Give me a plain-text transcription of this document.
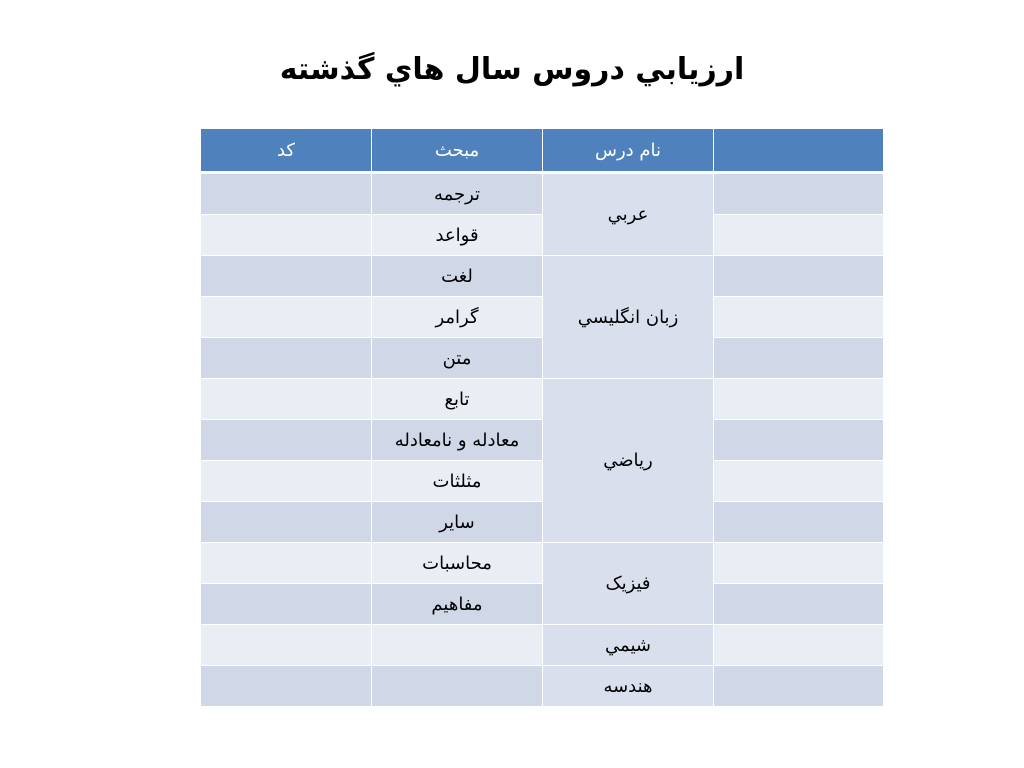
ارزيابي دروس سال هاي گذشته
کد	مبحث	نام درس	
	ترجمه	عربي	
	قواعد		
	لغت	زبان انگليسي	
	گرامر		
	متن		
	تابع	رياضي	
	معادله و نامعادله		
	مثلثات		
	ساير		
	محاسبات	فيزيک	
	مفاهيم		
		شيمي	
		هندسه	
